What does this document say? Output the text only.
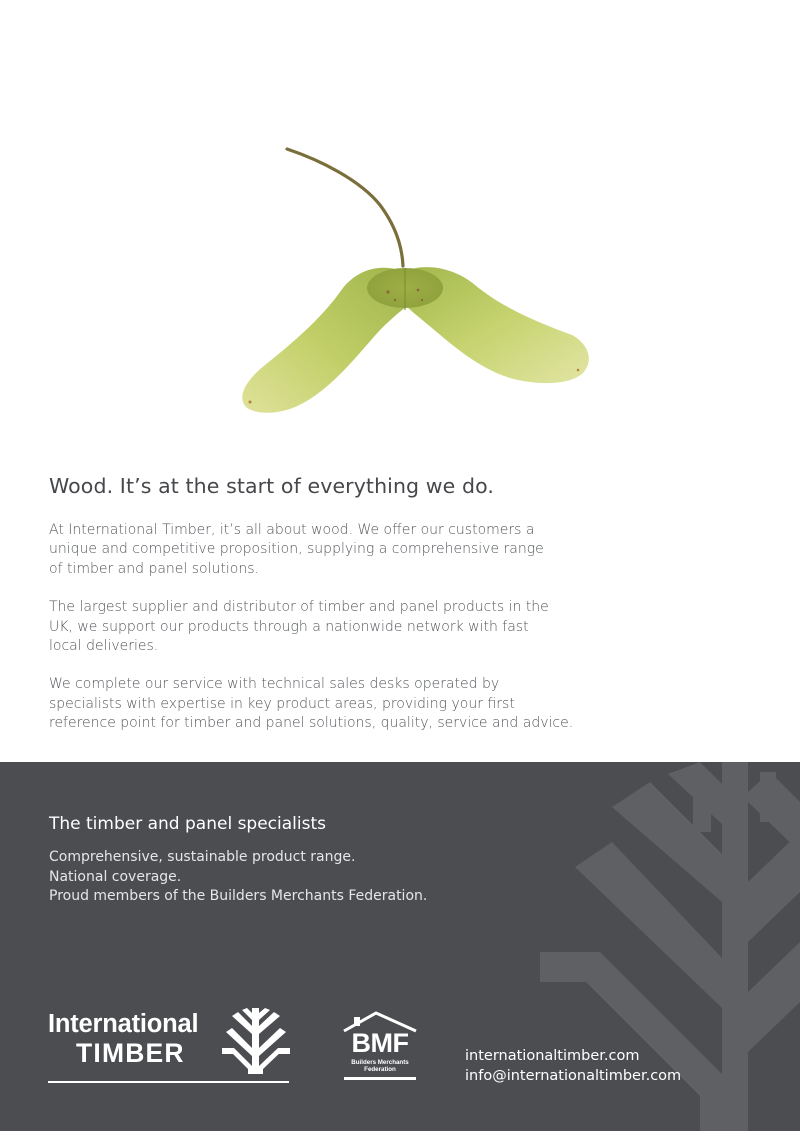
Wood. It’s at the start of everything we do.

At International Timber, it’s all about wood. We offer our customers a
unique and competitive proposition, supplying a comprehensive range
of timber and panel solutions.

The largest supplier and distributor of timber and panel products in the
UK, we support our products through a nationwide network with fast
local deliveries.

We complete our service with technical sales desks operated by
specialists with expertise in key product areas, providing your first
reference point for timber and panel solutions, quality, service and advice.

The timber and panel specialists
Comprehensive, sustainable product range.
National coverage.
Proud members of the Builders Merchants Federation.
International
TIMBER	BMF
Builders Merchants
Federation
internationaltimber.com
info@internationaltimber.com
